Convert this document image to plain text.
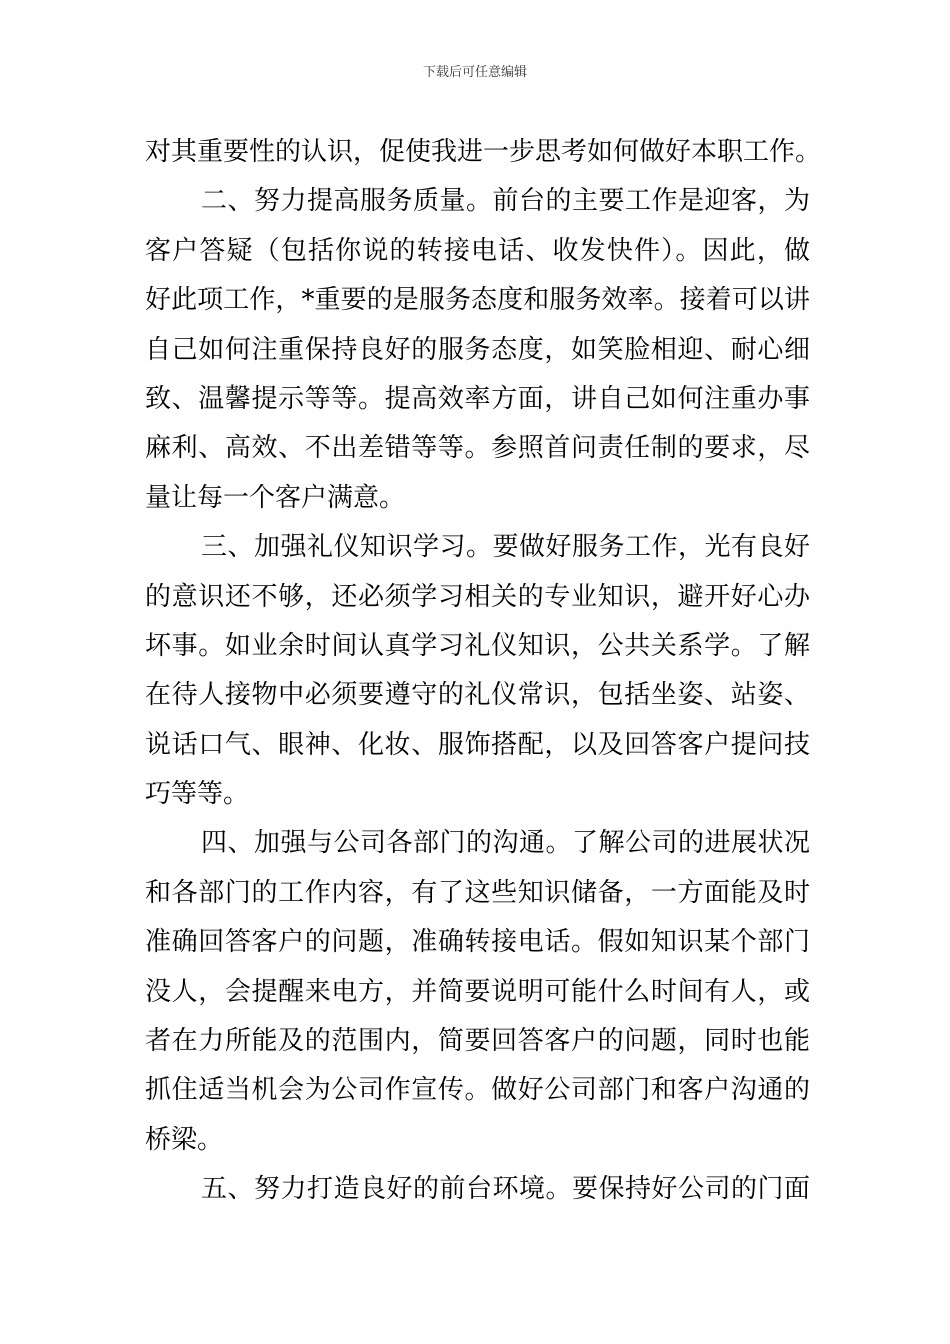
下载后可任意编辑
对其重要性的认识，促使我进一步思考如何做好本职工作。
二、努力提高服务质量。前台的主要工作是迎客，为
客户答疑（包括你说的转接电话、收发快件）。因此，做
好此项工作，*重要的是服务态度和服务效率。接着可以讲
自己如何注重保持良好的服务态度，如笑脸相迎、耐心细
致、温馨提示等等。提高效率方面，讲自己如何注重办事
麻利、高效、不出差错等等。参照首问责任制的要求，尽
量让每一个客户满意。
三、加强礼仪知识学习。要做好服务工作，光有良好
的意识还不够，还必须学习相关的专业知识，避开好心办
坏事。如业余时间认真学习礼仪知识，公共关系学。了解
在待人接物中必须要遵守的礼仪常识，包括坐姿、站姿、
说话口气、眼神、化妆、服饰搭配，以及回答客户提问技
巧等等。
四、加强与公司各部门的沟通。了解公司的进展状况
和各部门的工作内容，有了这些知识储备，一方面能及时
准确回答客户的问题，准确转接电话。假如知识某个部门
没人，会提醒来电方，并简要说明可能什么时间有人，或
者在力所能及的范围内，简要回答客户的问题，同时也能
抓住适当机会为公司作宣传。做好公司部门和客户沟通的
桥梁。
五、努力打造良好的前台环境。要保持好公司的门面
